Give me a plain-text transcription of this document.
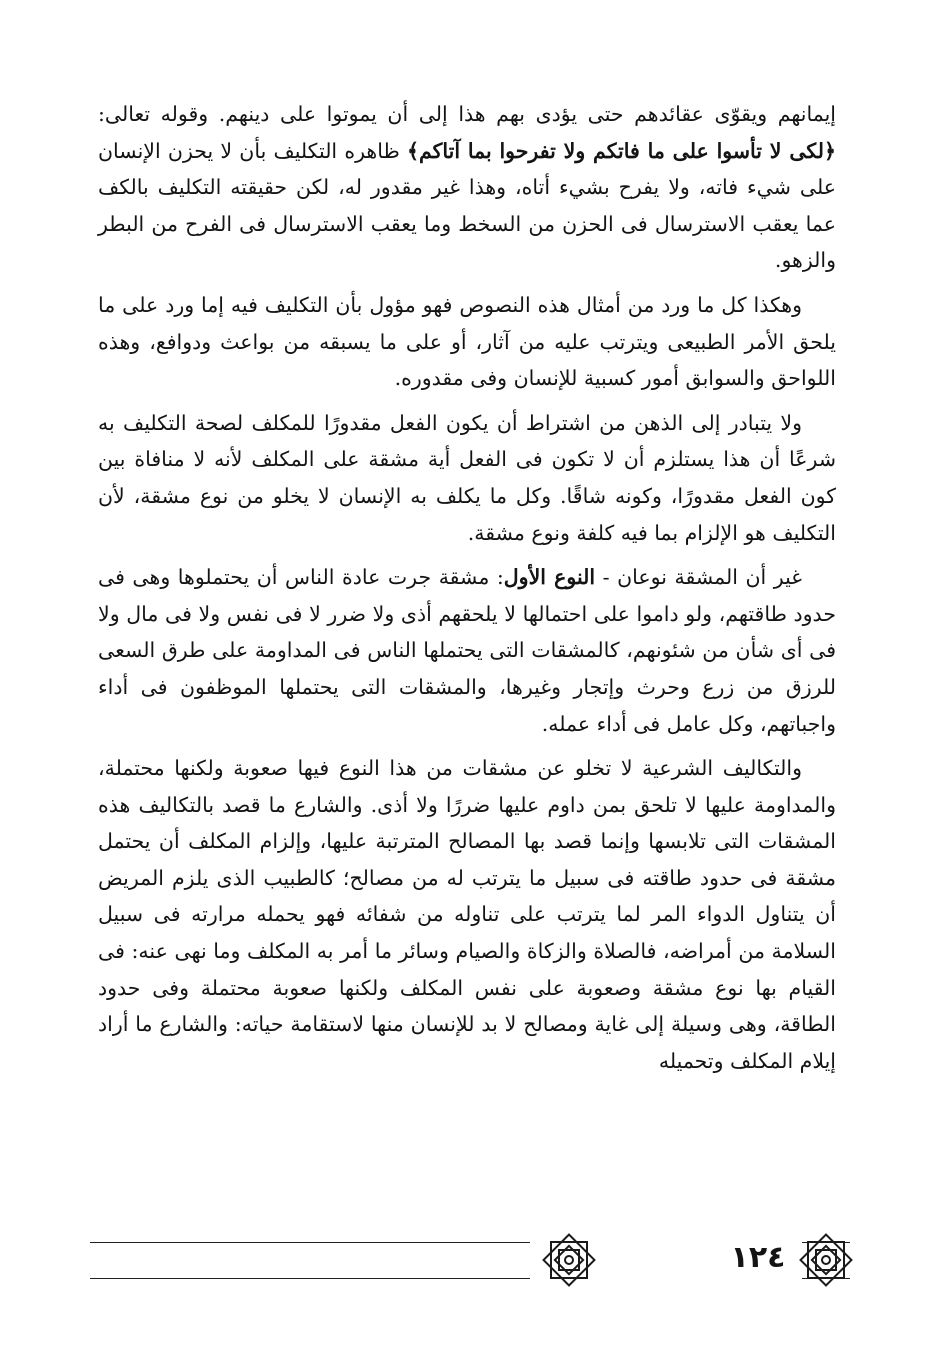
إيمانهم ويقوّى عقائدهم حتى يؤدى بهم هذا إلى أن يموتوا على دينهم. وقوله تعالى: ﴿لكى لا تأسوا على ما فاتكم ولا تفرحوا بما آتاكم﴾ ظاهره التكليف بأن لا يحزن الإنسان على شيء فاته، ولا يفرح بشيء أتاه، وهذا غير مقدور له، لكن حقيقته التكليف بالكف عما يعقب الاسترسال فى الحزن من السخط وما يعقب الاسترسال فى الفرح من البطر والزهو.

وهكذا كل ما ورد من أمثال هذه النصوص فهو مؤول بأن التكليف فيه إما ورد على ما يلحق الأمر الطبيعى ويترتب عليه من آثار، أو على ما يسبقه من بواعث ودوافع، وهذه اللواحق والسوابق أمور كسبية للإنسان وفى مقدوره.

ولا يتبادر إلى الذهن من اشتراط أن يكون الفعل مقدورًا للمكلف لصحة التكليف به شرعًا أن هذا يستلزم أن لا تكون فى الفعل أية مشقة على المكلف لأنه لا منافاة بين كون الفعل مقدورًا، وكونه شاقًا. وكل ما يكلف به الإنسان لا يخلو من نوع مشقة، لأن التكليف هو الإلزام بما فيه كلفة ونوع مشقة.

غير أن المشقة نوعان - النوع الأول: مشقة جرت عادة الناس أن يحتملوها وهى فى حدود طاقتهم، ولو داموا على احتمالها لا يلحقهم أذى ولا ضرر لا فى نفس ولا فى مال ولا فى أى شأن من شئونهم، كالمشقات التى يحتملها الناس فى المداومة على طرق السعى للرزق من زرع وحرث وإتجار وغيرها، والمشقات التى يحتملها الموظفون فى أداء واجباتهم، وكل عامل فى أداء عمله.

والتكاليف الشرعية لا تخلو عن مشقات من هذا النوع فيها صعوبة ولكنها محتملة، والمداومة عليها لا تلحق بمن داوم عليها ضررًا ولا أذى. والشارع ما قصد بالتكاليف هذه المشقات التى تلابسها وإنما قصد بها المصالح المترتبة عليها، وإلزام المكلف أن يحتمل مشقة فى حدود طاقته فى سبيل ما يترتب له من مصالح؛ كالطبيب الذى يلزم المريض أن يتناول الدواء المر لما يترتب على تناوله من شفائه فهو يحمله مرارته فى سبيل السلامة من أمراضه، فالصلاة والزكاة والصيام وسائر ما أمر به المكلف وما نهى عنه: فى القيام بها نوع مشقة وصعوبة على نفس المكلف ولكنها صعوبة محتملة وفى حدود الطاقة، وهى وسيلة إلى غاية ومصالح لا بد للإنسان منها لاستقامة حياته: والشارع ما أراد إيلام المكلف وتحميله

١٢٤
